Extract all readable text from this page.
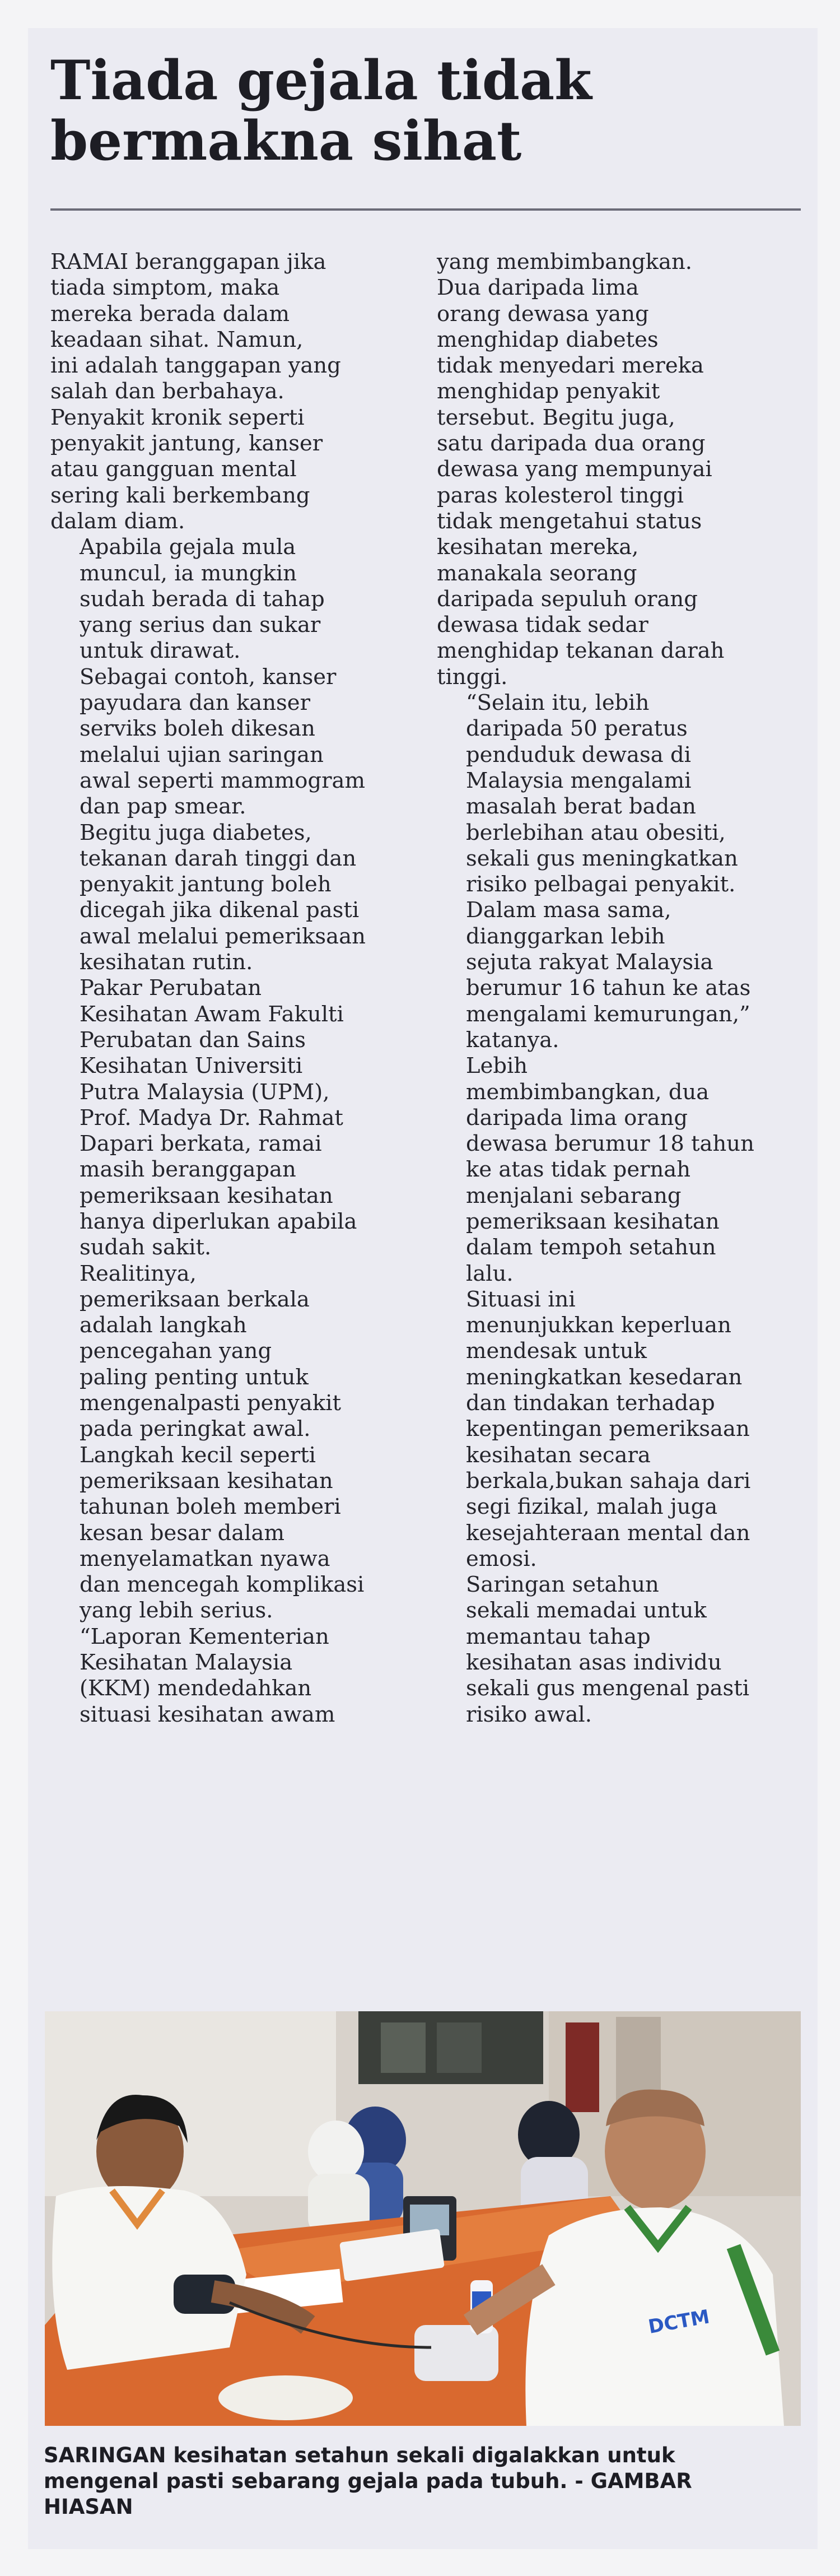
Tiada gejala tidak
bermakna sihat

RAMAI beranggapan jika
tiada simptom, maka
mereka berada dalam
keadaan sihat. Namun,
ini adalah tanggapan yang
salah dan berbahaya.
Penyakit kronik seperti
penyakit jantung, kanser
atau gangguan mental
sering kali berkembang
dalam diam.

Apabila gejala mula
muncul, ia mungkin
sudah berada di tahap
yang serius dan sukar
untuk dirawat.

Sebagai contoh, kanser
payudara dan kanser
serviks boleh dikesan
melalui ujian saringan
awal seperti mammogram
dan pap smear.

Begitu juga diabetes,
tekanan darah tinggi dan
penyakit jantung boleh
dicegah jika dikenal pasti
awal melalui pemeriksaan
kesihatan rutin.

Pakar Perubatan
Kesihatan Awam Fakulti
Perubatan dan Sains
Kesihatan Universiti
Putra Malaysia (UPM),
Prof. Madya Dr. Rahmat
Dapari berkata, ramai
masih beranggapan
pemeriksaan kesihatan
hanya diperlukan apabila
sudah sakit.

Realitinya,
pemeriksaan berkala
adalah langkah
pencegahan yang
paling penting untuk
mengenalpasti penyakit
pada peringkat awal.
Langkah kecil seperti
pemeriksaan kesihatan
tahunan boleh memberi
kesan besar dalam
menyelamatkan nyawa
dan mencegah komplikasi
yang lebih serius.

“Laporan Kementerian
Kesihatan Malaysia
(KKM) mendedahkan
situasi kesihatan awam

yang membimbangkan.
Dua daripada lima
orang dewasa yang
menghidap diabetes
tidak menyedari mereka
menghidap penyakit
tersebut. Begitu juga,
satu daripada dua orang
dewasa yang mempunyai
paras kolesterol tinggi
tidak mengetahui status
kesihatan mereka,
manakala seorang
daripada sepuluh orang
dewasa tidak sedar
menghidap tekanan darah
tinggi.

“Selain itu, lebih
daripada 50 peratus
penduduk dewasa di
Malaysia mengalami
masalah berat badan
berlebihan atau obesiti,
sekali gus meningkatkan
risiko pelbagai penyakit.
Dalam masa sama,
dianggarkan lebih
sejuta rakyat Malaysia
berumur 16 tahun ke atas
mengalami kemurungan,”
katanya.

Lebih
membimbangkan, dua
daripada lima orang
dewasa berumur 18 tahun
ke atas tidak pernah
menjalani sebarang
pemeriksaan kesihatan
dalam tempoh setahun
lalu.

Situasi ini
menunjukkan keperluan
mendesak untuk
meningkatkan kesedaran
dan tindakan terhadap
kepentingan pemeriksaan
kesihatan secara
berkala,bukan sahaja dari
segi fizikal, malah juga
kesejahteraan mental dan
emosi.

Saringan setahun
sekali memadai untuk
memantau tahap
kesihatan asas individu
sekali gus mengenal pasti
risiko awal.

DCTM
SARINGAN kesihatan setahun sekali digalakkan untuk
mengenal pasti sebarang gejala pada tubuh. - GAMBAR
HIASAN
